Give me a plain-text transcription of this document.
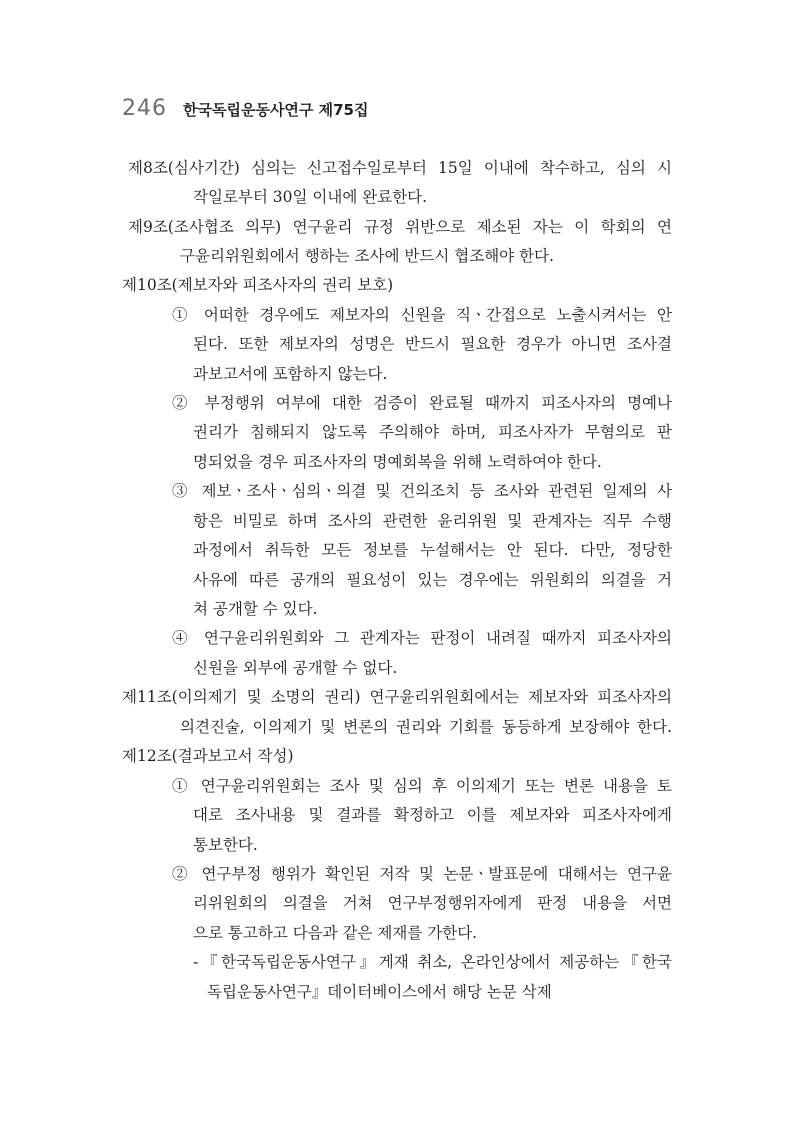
246 한국독립운동사연구 제75집
제8조(심사기간) 심의는 신고접수일로부터 15일 이내에 착수하고, 심의 시
작일로부터 30일 이내에 완료한다.
제9조(조사협조 의무) 연구윤리 규정 위반으로 제소된 자는 이 학회의 연
구윤리위원회에서 행하는 조사에 반드시 협조해야 한다.
제10조(제보자와 피조사자의 권리 보호)
① 어떠한 경우에도 제보자의 신원을 직ㆍ간접으로 노출시켜서는 안
된다. 또한 제보자의 성명은 반드시 필요한 경우가 아니면 조사결
과보고서에 포함하지 않는다.
② 부정행위 여부에 대한 검증이 완료될 때까지 피조사자의 명예나
권리가 침해되지 않도록 주의해야 하며, 피조사자가 무혐의로 판
명되었을 경우 피조사자의 명예회복을 위해 노력하여야 한다.
③ 제보ㆍ조사ㆍ심의ㆍ의결 및 건의조치 등 조사와 관련된 일제의 사
항은 비밀로 하며 조사의 관련한 윤리위원 및 관계자는 직무 수행
과정에서 취득한 모든 정보를 누설해서는 안 된다. 다만, 정당한
사유에 따른 공개의 필요성이 있는 경우에는 위원회의 의결을 거
쳐 공개할 수 있다.
④ 연구윤리위원회와 그 관계자는 판정이 내려질 때까지 피조사자의
신원을 외부에 공개할 수 없다.
제11조(이의제기 및 소명의 권리) 연구윤리위원회에서는 제보자와 피조사자의
의견진술, 이의제기 및 변론의 권리와 기회를 동등하게 보장해야 한다.
제12조(결과보고서 작성)
① 연구윤리위원회는 조사 및 심의 후 이의제기 또는 변론 내용을 토
대로 조사내용 및 결과를 확정하고 이를 제보자와 피조사자에게
통보한다.
② 연구부정 행위가 확인된 저작 및 논문ㆍ발표문에 대해서는 연구윤
리위원회의 의결을 거쳐 연구부정행위자에게 판정 내용을 서면
으로 통고하고 다음과 같은 제재를 가한다.
-『한국독립운동사연구』게재 취소, 온라인상에서 제공하는『한국
독립운동사연구』데이터베이스에서 해당 논문 삭제
